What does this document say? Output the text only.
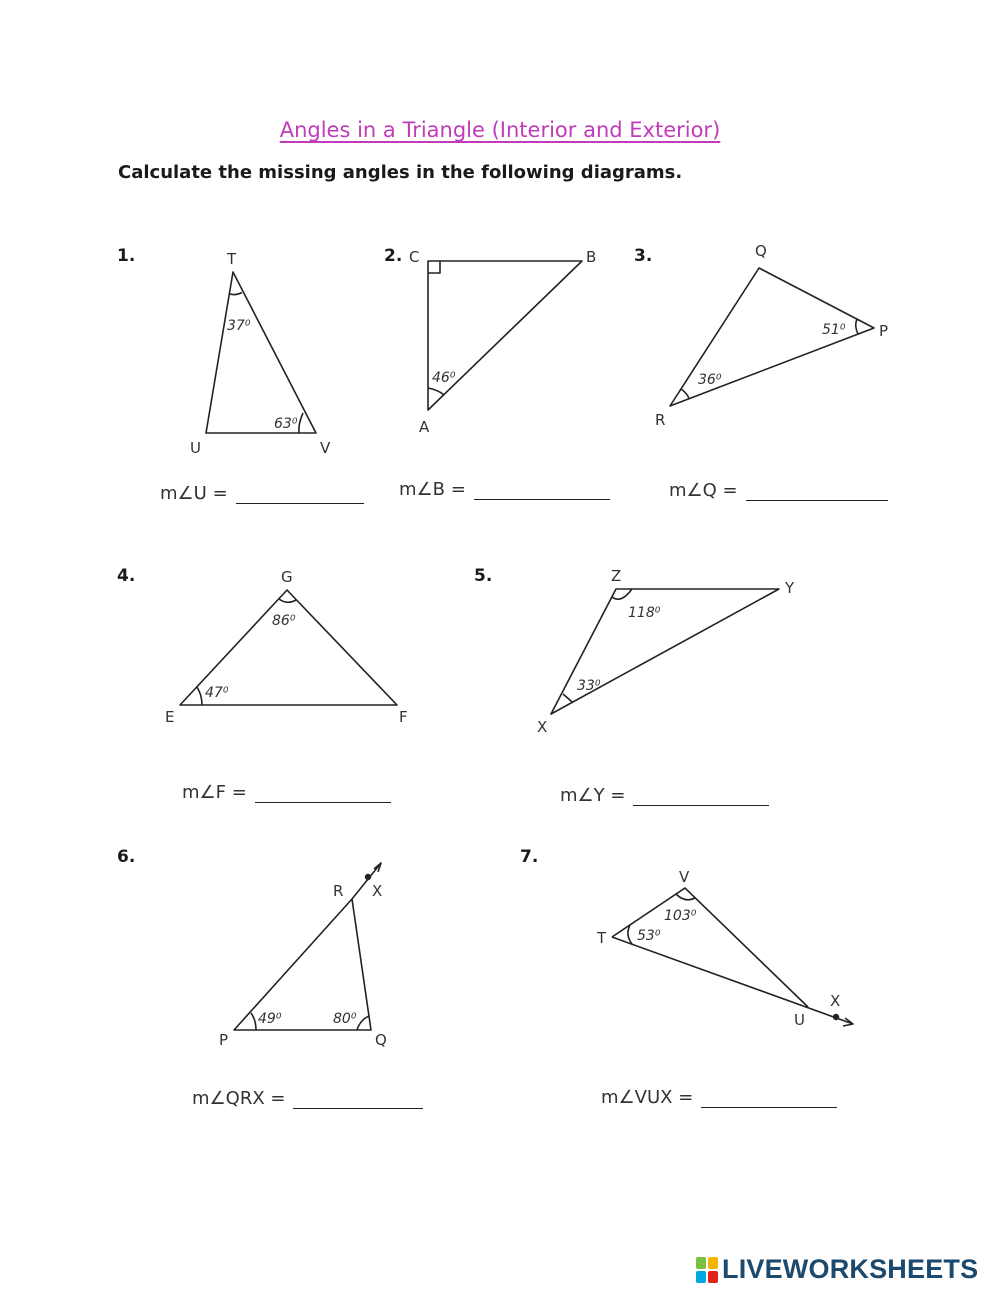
Angles in a Triangle (Interior and Exterior)
Calculate the missing angles in the following diagrams.
1.	2.	3.
4.	5.
6.	7.
T
U	V
C	B
A
Q
P
R
G
E	F
Z
Y
X
R X
P	Q
V
T
U
X
37⁰
63⁰
46⁰
51⁰
36⁰
86⁰
47⁰
118⁰
33⁰
49⁰	80⁰
103⁰
53⁰
m∠U =	m∠B =	m∠Q =
m∠F =	m∠Y =
m∠QRX =	m∠VUX =
LIVEWORKSHEETS
